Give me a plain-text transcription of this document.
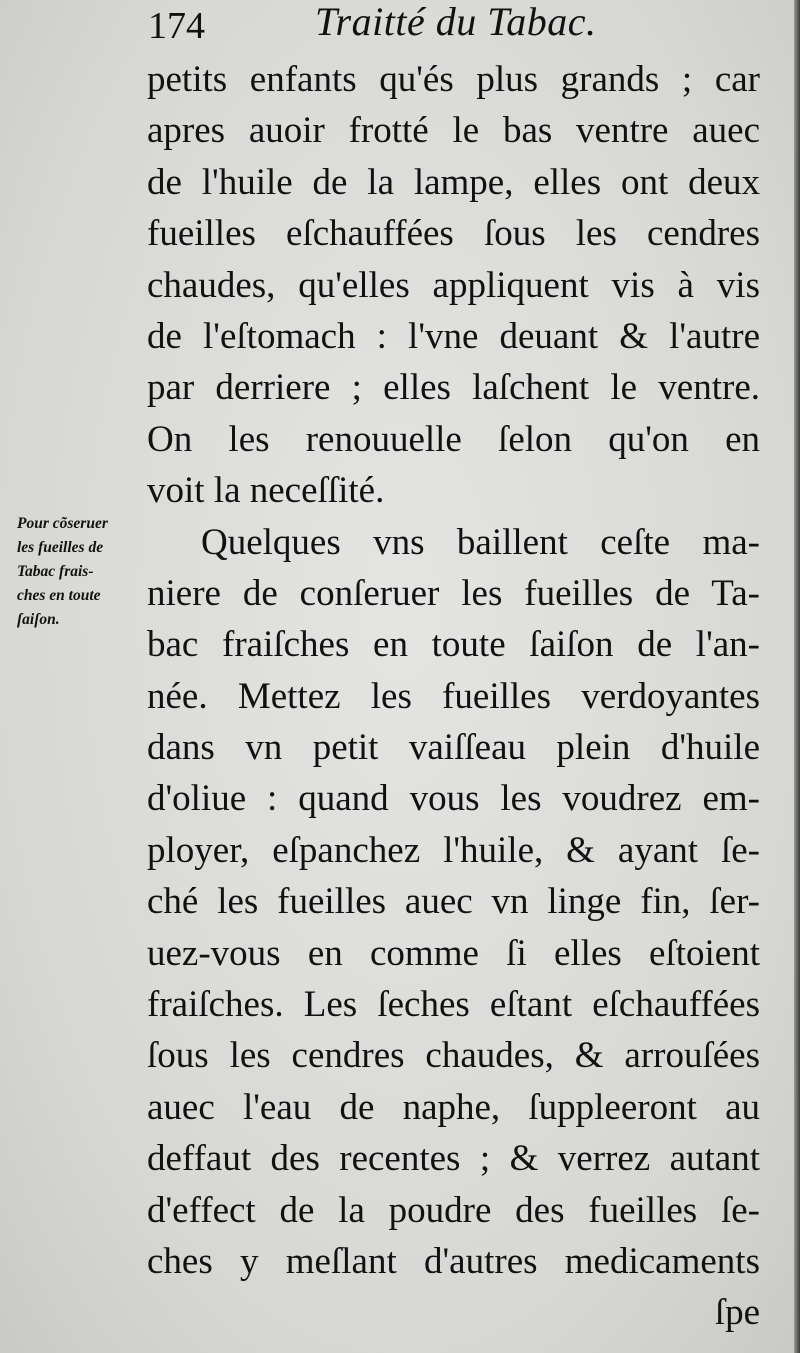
174	Traitté du Tabac.
Pour cõseruer
les fueilles de
Tabac frais-
ches en toute
ſaiſon.
petits enfants qu'és plus grands ; car
apres auoir frotté le bas ventre auec
de l'huile de la lampe, elles ont deux
fueilles eſchauffées ſous les cendres
chaudes, qu'elles appliquent vis à vis
de l'eſtomach : l'vne deuant & l'autre
par derriere ; elles laſchent le ventre.
On les renouuelle ſelon qu'on en
voit la neceſſité.
Quelques vns baillent ceſte ma-
niere de conſeruer les fueilles de Ta-
bac fraiſches en toute ſaiſon de l'an-
née. Mettez les fueilles verdoyantes
dans vn petit vaiſſeau plein d'huile
d'oliue : quand vous les voudrez em-
ployer, eſpanchez l'huile, & ayant ſe-
ché les fueilles auec vn linge fin, ſer-
uez-vous en comme ſi elles eſtoient
fraiſches. Les ſeches eſtant eſchauffées
ſous les cendres chaudes, & arrouſées
auec l'eau de naphe, ſuppleeront au
deffaut des recentes ; & verrez autant
d'effect de la poudre des fueilles ſe-
ches y meſlant d'autres medicaments
ſpe
